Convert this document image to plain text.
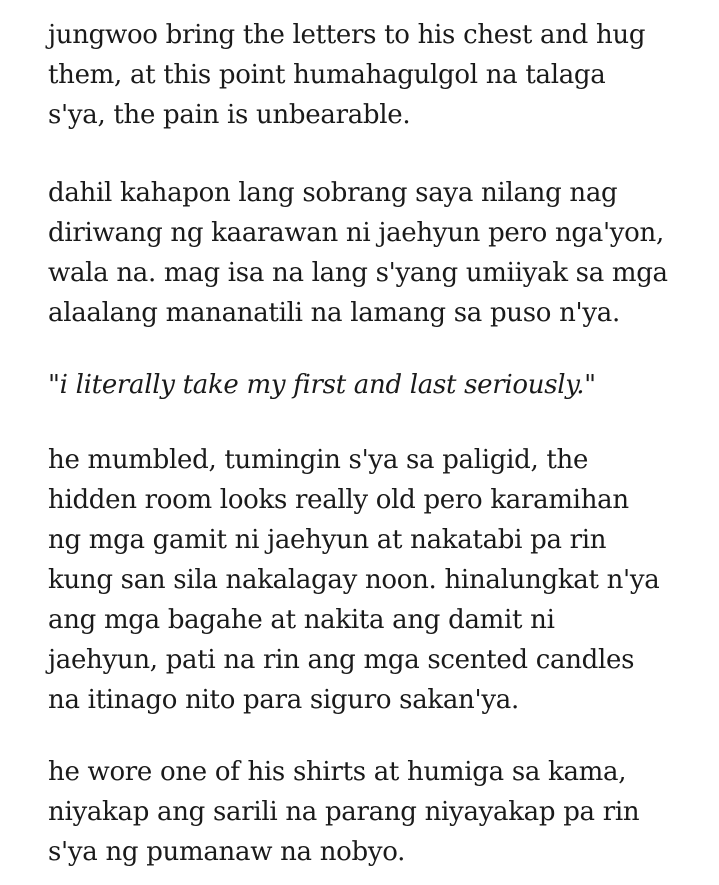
jungwoo bring the letters to his chest and hug
them, at this point humahagulgol na talaga
s'ya, the pain is unbearable.

dahil kahapon lang sobrang saya nilang nag
diriwang ng kaarawan ni jaehyun pero nga'yon,
wala na. mag isa na lang s'yang umiiyak sa mga
alaalang mananatili na lamang sa puso n'ya.

"i literally take my first and last seriously."

he mumbled, tumingin s'ya sa paligid, the
hidden room looks really old pero karamihan
ng mga gamit ni jaehyun at nakatabi pa rin
kung san sila nakalagay noon. hinalungkat n'ya
ang mga bagahe at nakita ang damit ni
jaehyun, pati na rin ang mga scented candles
na itinago nito para siguro sakan'ya.

he wore one of his shirts at humiga sa kama,
niyakap ang sarili na parang niyayakap pa rin
s'ya ng pumanaw na nobyo.
